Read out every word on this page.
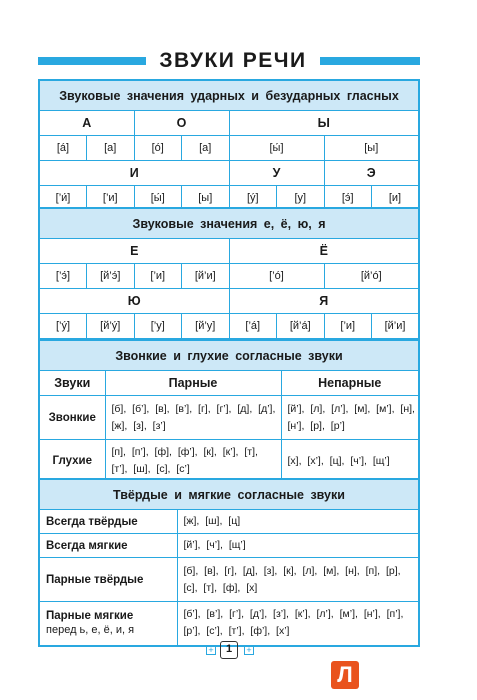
ЗВУКИ РЕЧИ
Звуковые значения ударных и безударных гласных							
А		О		Ы			
[á]	[а]	[ó]	[а]	[ы́]		[ы]	
И				У		Э	
[’и́]	[’и]	[ы́]	[ы]	[ý]	[у]	[э́]	[и]
Звуковые значения е, ё, ю, я							
Е				Ё			
[’э́]	[й’э́]	[’и]	[й’и]	[’ó]		[й’ó]	
Ю				Я			
[’ý]	[й’ý]	[’у]	[й’у]	[’á]	[й’á]	[’и]	[й’и]
Звонкие и глухие согласные звуки		
Звуки	Парные	Непарные
Звонкие	[б], [б’], [в], [в’], [г], [г’], [д], [д’], [ж], [з], [з’]	[й’], [л], [л’], [м], [м’], [н], [н’], [р], [р’]
Глухие	[п], [п’], [ф], [ф’], [к], [к’], [т], [т’], [ш], [с], [с’]	[х], [х’], [ц], [ч’], [щ’]
Твёрдые и мягкие согласные звуки	
Всегда твёрдые	[ж], [ш], [ц]
Всегда мягкие	[й’], [ч’], [щ’]
Парные твёрдые	[б], [в], [г], [д], [з], [к], [л], [м], [н], [п], [р], [с], [т], [ф], [х]
Парные мягкие
перед ь, е, ё, и, я	[б’], [в’], [г’], [д’], [з’], [к’], [л’], [м’], [н’], [п’], [р’], [с’], [т’], [ф’], [х’]
+	1	+
Л
